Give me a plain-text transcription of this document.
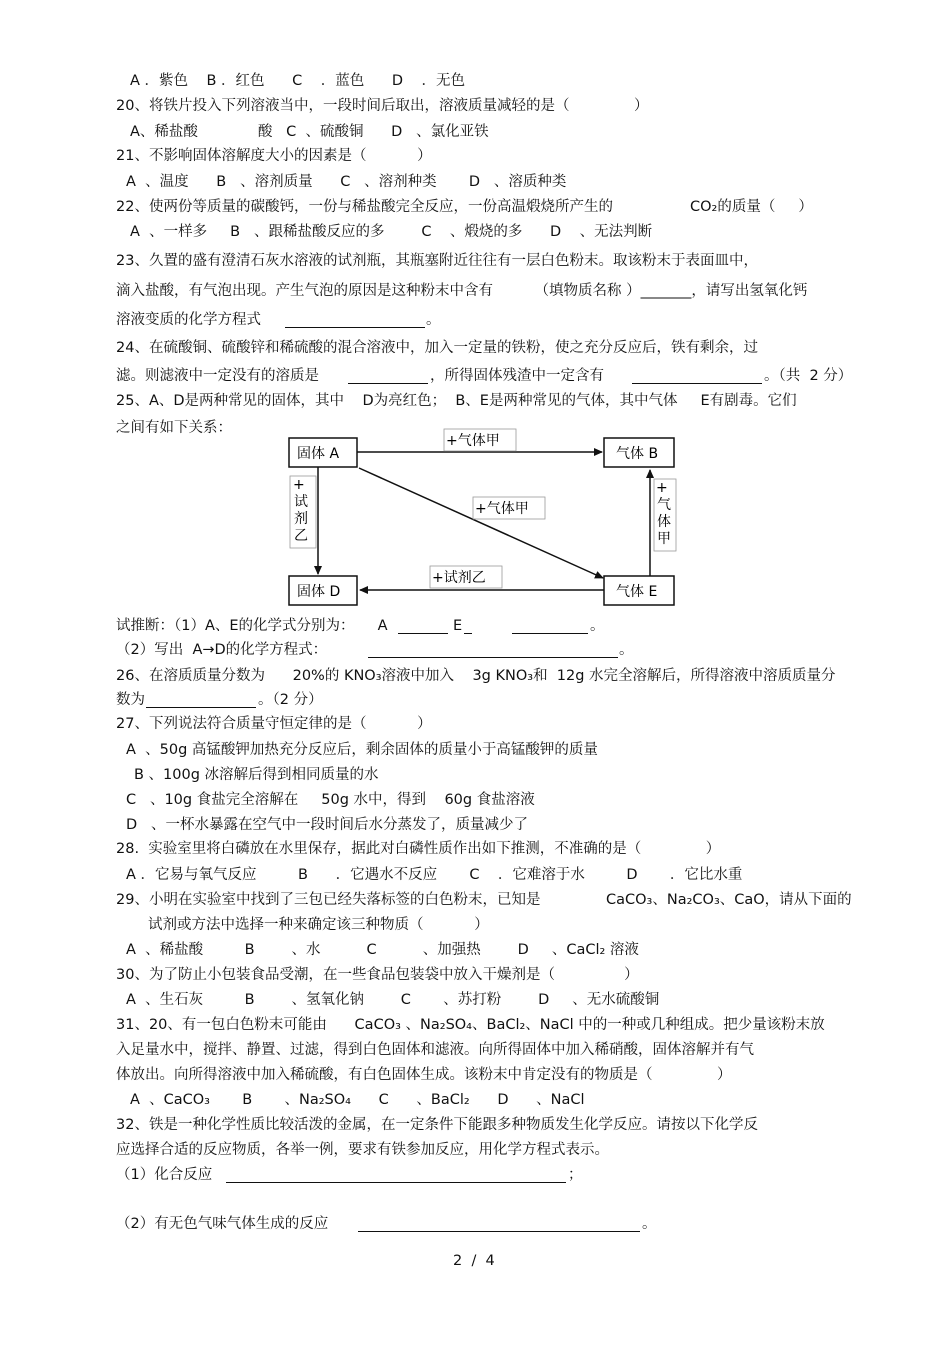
A ．紫色    B ．红色      C    ．蓝色      D    ．无色
20、将铁片投入下列溶液当中，一段时间后取出，溶液质量减轻的是（              ）
A、稀盐酸             酸   C  、硫酸铜      D   、氯化亚铁
21、不影响固体溶解度大小的因素是（           ）
A  、温度      B   、溶剂质量      C   、溶剂种类       D   、溶质种类
22、使两份等质量的碳酸钙，一份与稀盐酸完全反应，一份高温煅烧所产生的	CO₂的质量（     ）
A  、一样多     B   、跟稀盐酸反应的多        C    、煅烧的多      D    、无法判断
23、久置的盛有澄清石灰水溶液的试剂瓶，其瓶塞附近往往有一层白色粉末。取该粉末于表面皿中，
滴入盐酸，有气泡出现。产生气泡的原因是这种粉末中含有         （填物质名称 ）_______，请写出氢氧化钙
溶液变质的化学方程式	。
24、在硫酸铜、硫酸锌和稀硫酸的混合溶液中，加入一定量的铁粉，使之充分反应后，铁有剩余，过
滤。则滤液中一定没有的溶质是	，所得固体残渣中一定含有	。（共  2 分）
25、A、D是两种常见的固体，其中    D为亮红色；  B、E是两种常见的气体，其中气体     E有剧毒。它们
之间有如下关系：
固体 A	气体 B
固体 D	气体 E
+气体甲
+气体甲
+试剂乙
+
试
剂
乙
+
气
体
甲
试推断：（1）A、E的化学式分别为：     A	E	。
（2）写出  A→D的化学方程式：	。
26、在溶质质量分数为      20%的 KNO₃溶液中加入    3g KNO₃和  12g 水完全溶解后，所得溶液中溶质质量分
数为	。（2 分）
27、下列说法符合质量守恒定律的是（           ）
A  、50g 高锰酸钾加热充分反应后，剩余固体的质量小于高锰酸钾的质量
B 、100g 冰溶解后得到相同质量的水
C   、10g 食盐完全溶解在     50g 水中，得到    60g 食盐溶液
D   、一杯水暴露在空气中一段时间后水分蒸发了，质量减少了
28.  实验室里将白磷放在水里保存，据此对白磷性质作出如下推测，不准确的是（              ）
A ．它易与氧气反应         B      ．它遇水不反应       C    ．它难溶于水         D       ．它比水重
29、小明在实验室中找到了三包已经失落标签的白色粉末，已知是	CaCO₃、Na₂CO₃、CaO，请从下面的
试剂或方法中选择一种来确定该三种物质（           ）
A  、稀盐酸         B        、水          C          、加强热        D     、CaCl₂ 溶液
30、为了防止小包装食品受潮，在一些食品包装袋中放入干燥剂是（               ）
A  、生石灰         B        、氢氧化钠        C       、苏打粉        D     、无水硫酸铜
31、20、有一包白色粉末可能由      CaCO₃ 、Na₂SO₄、BaCl₂、NaCl 中的一种或几种组成。把少量该粉末放
入足量水中，搅拌、静置、过滤，得到白色固体和滤液。向所得固体中加入稀硝酸，固体溶解并有气
体放出。向所得溶液中加入稀硫酸，有白色固体生成。该粉末中肯定没有的物质是（              ）
A  、CaCO₃       B       、Na₂SO₄      C      、BaCl₂      D      、NaCl
32、铁是一种化学性质比较活泼的金属，在一定条件下能跟多种物质发生化学反应。请按以下化学反
应选择合适的反应物质，各举一例，要求有铁参加反应，用化学方程式表示。
（1）化合反应	；
（2）有无色气味气体生成的反应	。
2  /  4
